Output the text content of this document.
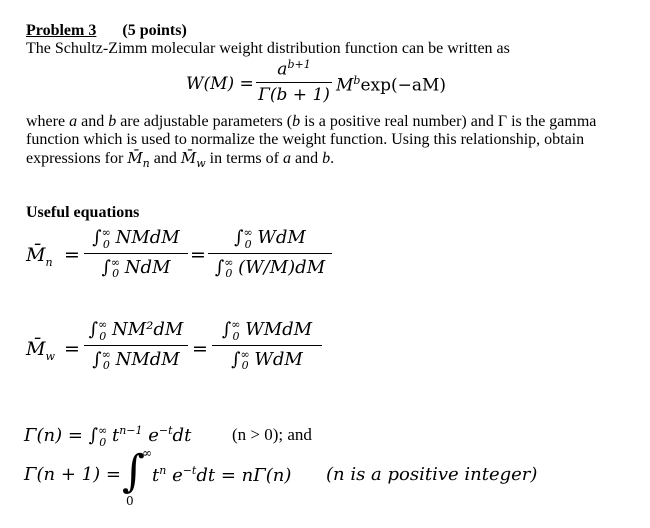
Problem 3 (5 points)
The Schultz-Zimm molecular weight distribution function can be written as
W(M) =
$a^{b+1}$
Γ(b + 1) $M^b\exp(-aM)$
where a and b are adjustable parameters (b is a positive real number) and Γ is the gamma
function which is used to normalize the weight function. Using this relationship, obtain
expressions for $M̄_n$ and $M̄_w$ in terms of a and b.
Useful equations
$M̄_n$ =
$\int^\infty_0$ NMdM
$\int^\infty_0$ NdM
=
$\int^\infty_0$ WdM
$\int^\infty_0$ (W/M)dM
$M̄_w$ =
$\int^\infty_0$ NM²dM
$\int^\infty_0$ NMdM =
$\int^\infty_0$ WMdM
$\int^\infty_0$ WdM
$\Gamma(n) = \int^\infty_0$ $t^{n-1}$ $e^{-t}dt$ (n > 0); and
Γ(n + 1) = ∫
∞
0
$t^n$ $e^{-t}dt = n\Gamma(n)$ (n is a positive integer)
